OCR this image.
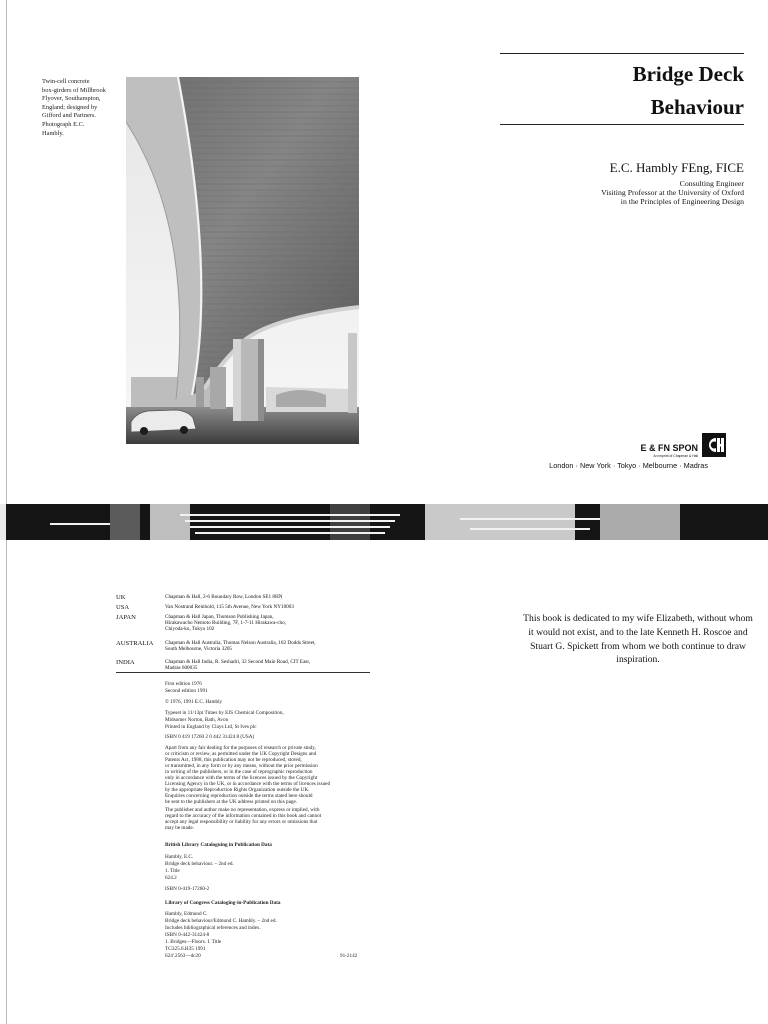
Twin-cell concrete
box-girders of Millbrook
Flyover, Southampton,
England; designed by
Gifford and Partners.
Photograph E.C.
Hambly.
Bridge Deck
Behaviour
E.C. Hambly FEng, FICE
Consulting Engineer
Visiting Professor at the University of Oxford
in the Principles of Engineering Design
E & FN SPON
An imprint of Chapman & Hall
London · New York · Tokyo · Melbourne · Madras
UK	Chapman & Hall, 2-6 Boundary Row, London SE1 8HN
USA	Van Nostrand Reinhold, 115 5th Avenue, New York NY10003
JAPAN	Chapman & Hall Japan, Thomson Publishing Japan,
Hirakawacho Nemoto Building, 7F, 1-7-11 Hirakawa-cho,
Chiyoda-ku, Tokyo 102
AUSTRALIA Chapman & Hall Australia, Thomas Nelson Australia, 102 Dodds Street,
South Melbourne, Victoria 3205
INDIA	Chapman & Hall India, R. Seshadri, 32 Second Main Road, CIT East,
Madras 600035
First edition 1976
Second edition 1991
© 1976, 1991 E.C. Hambly
Typeset in 11/13pt Times by EJS Chemical Composition,
Midsomer Norton, Bath, Avon
Printed in England by Clays Ltd, St Ives plc
ISBN 0 419 17260 2 0 442 31424 8 (USA)
Apart from any fair dealing for the purposes of research or private study,
or criticism or review, as permitted under the UK Copyright Designs and
Patents Act, 1988, this publication may not be reproduced, stored,
or transmitted, in any form or by any means, without the prior permission
in writing of the publishers, or in the case of reprographic reproduction
only in accordance with the terms of the licences issued by the Copyright
Licensing Agency in the UK, or in accordance with the terms of licences issued
by the appropriate Reproduction Rights Organization outside the UK.
Enquiries concerning reproduction outside the terms stated here should
be sent to the publishers at the UK address printed on this page.
The publisher and author make no representation, express or implied, with
regard to the accuracy of the information contained in this book and cannot
accept any legal responsibility or liability for any errors or omissions that
may be made.
British Library Cataloguing in Publication Data
Hambly, E.C.
Bridge deck behaviour. – 2nd ed.
1. Title
624.2
ISBN 0-419-17260-2
Library of Congress Cataloging-in-Publication Data
Hambly, Edmund C.
Bridge deck behaviour/Edmund C. Hambly. – 2nd ed.
Includes bibliographical references and index.
ISBN 0-442-31424-8
1. Bridges—Floors. I. Title
TG325.6.H35 1991
624'.2563—dc20	91-2142
This book is dedicated to my wife Elizabeth, without whom it would not exist, and to the late Kenneth H. Roscoe and Stuart G. Spickett from whom we both continue to draw inspiration.
